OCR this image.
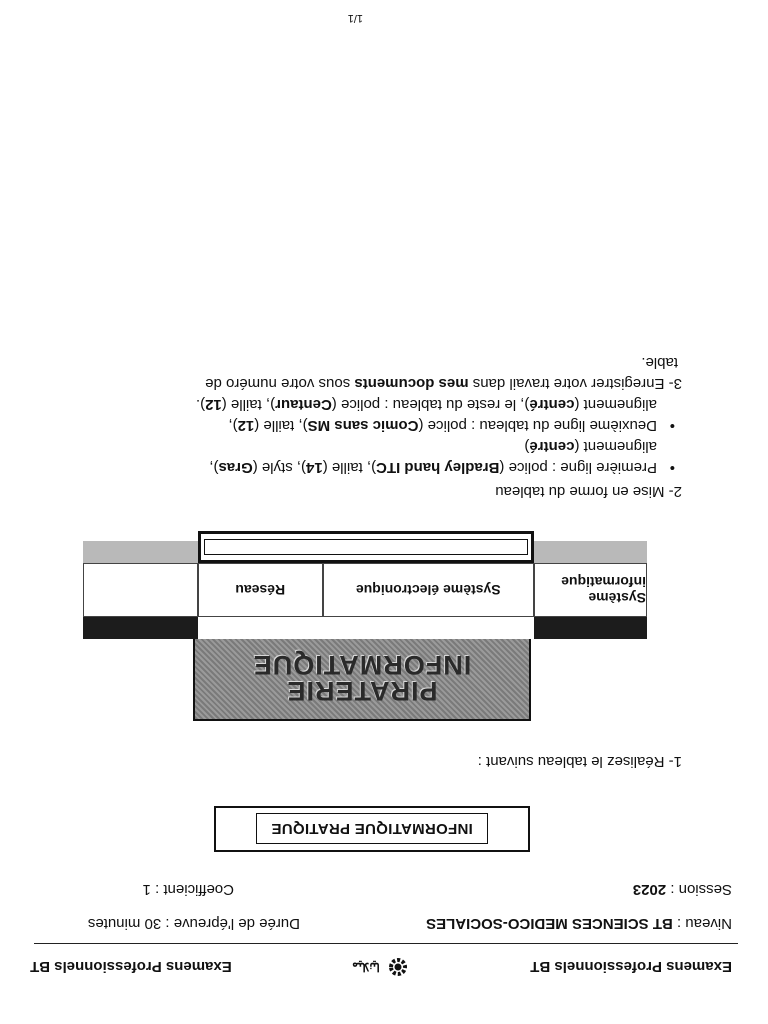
Examens Professionnels BT
ميلانيا
Examens Professionnels BT
Niveau : BT SCIENCES MEDICO-SOCIALES
Durée de l'épreuve : 30 minutes
Session : 2023
Coefficient : 1
INFORMATIQUE PRATIQUE
1- Réalisez le tableau suivant :
PIRATERIE
INFORMATIQUE
Système informatique
Système électronique
Réseau
2- Mise en forme du tableau
•
Première ligne : police (Bradley hand ITC), taille (14), style (Gras),
alignement (centré)
•
Deuxième ligne du tableau : police (Comic sans MS), taille (12),
alignement (centré), le reste du tableau : police (Centaur), taille (12).
3- Enregistrer votre travail dans mes documents sous votre numéro de
table.
1/1
